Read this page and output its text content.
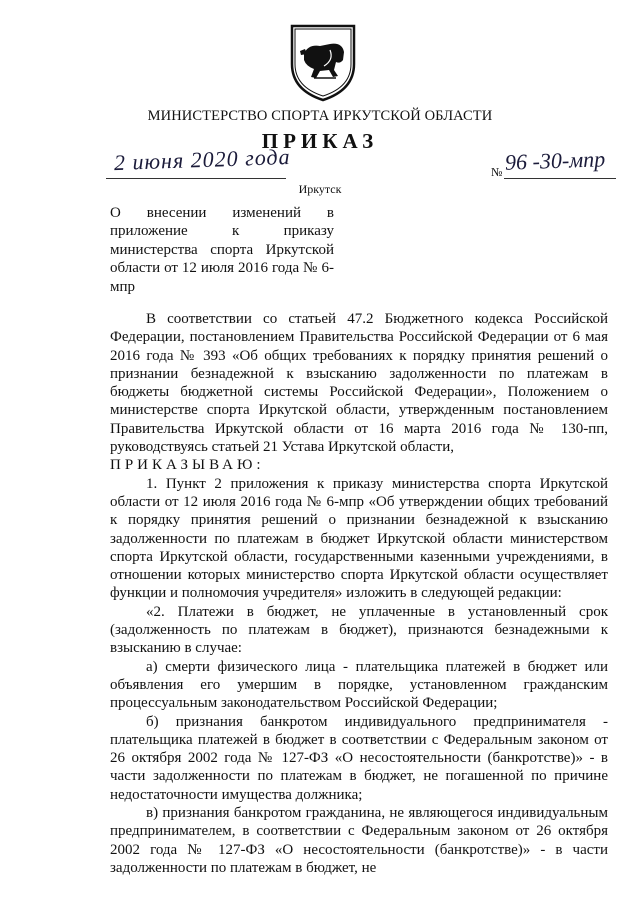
МИНИСТЕРСТВО СПОРТА ИРКУТСКОЙ ОБЛАСТИ
ПРИКАЗ
2 июня 2020 года	№ 96 -30-мпр
Иркутск
О внесении изменений в приложение к приказу министерства спорта Иркутской области от 12 июля 2016 года № 6-мпр

В соответствии со статьей 47.2 Бюджетного кодекса Российской Федерации, постановлением Правительства Российской Федерации от 6 мая 2016 года № 393 «Об общих требованиях к порядку принятия решений о признании безнадежной к взысканию задолженности по платежам в бюджеты бюджетной системы Российской Федерации», Положением о министерстве спорта Иркутской области, утвержденным постановлением Правительства Иркутской области от 16 марта 2016 года № 130-пп, руководствуясь статьей 21 Устава Иркутской области,

ПРИКАЗЫВАЮ:

1. Пункт 2 приложения к приказу министерства спорта Иркутской области от 12 июля 2016 года № 6-мпр «Об утверждении общих требований к порядку принятия решений о признании безнадежной к взысканию задолженности по платежам в бюджет Иркутской области министерством спорта Иркутской области, государственными казенными учреждениями, в отношении которых министерство спорта Иркутской области осуществляет функции и полномочия учредителя» изложить в следующей редакции:

«2. Платежи в бюджет, не уплаченные в установленный срок (задолженность по платежам в бюджет), признаются безнадежными к взысканию в случае:

а) смерти физического лица - плательщика платежей в бюджет или объявления его умершим в порядке, установленном гражданским процессуальным законодательством Российской Федерации;

б) признания банкротом индивидуального предпринимателя - плательщика платежей в бюджет в соответствии с Федеральным законом от 26 октября 2002 года № 127-ФЗ «О несостоятельности (банкротстве)» - в части задолженности по платежам в бюджет, не погашенной по причине недостаточности имущества должника;

в) признания банкротом гражданина, не являющегося индивидуальным предпринимателем, в соответствии с Федеральным законом от 26 октября 2002 года № 127-ФЗ «О несостоятельности (банкротстве)» - в части задолженности по платежам в бюджет, не
